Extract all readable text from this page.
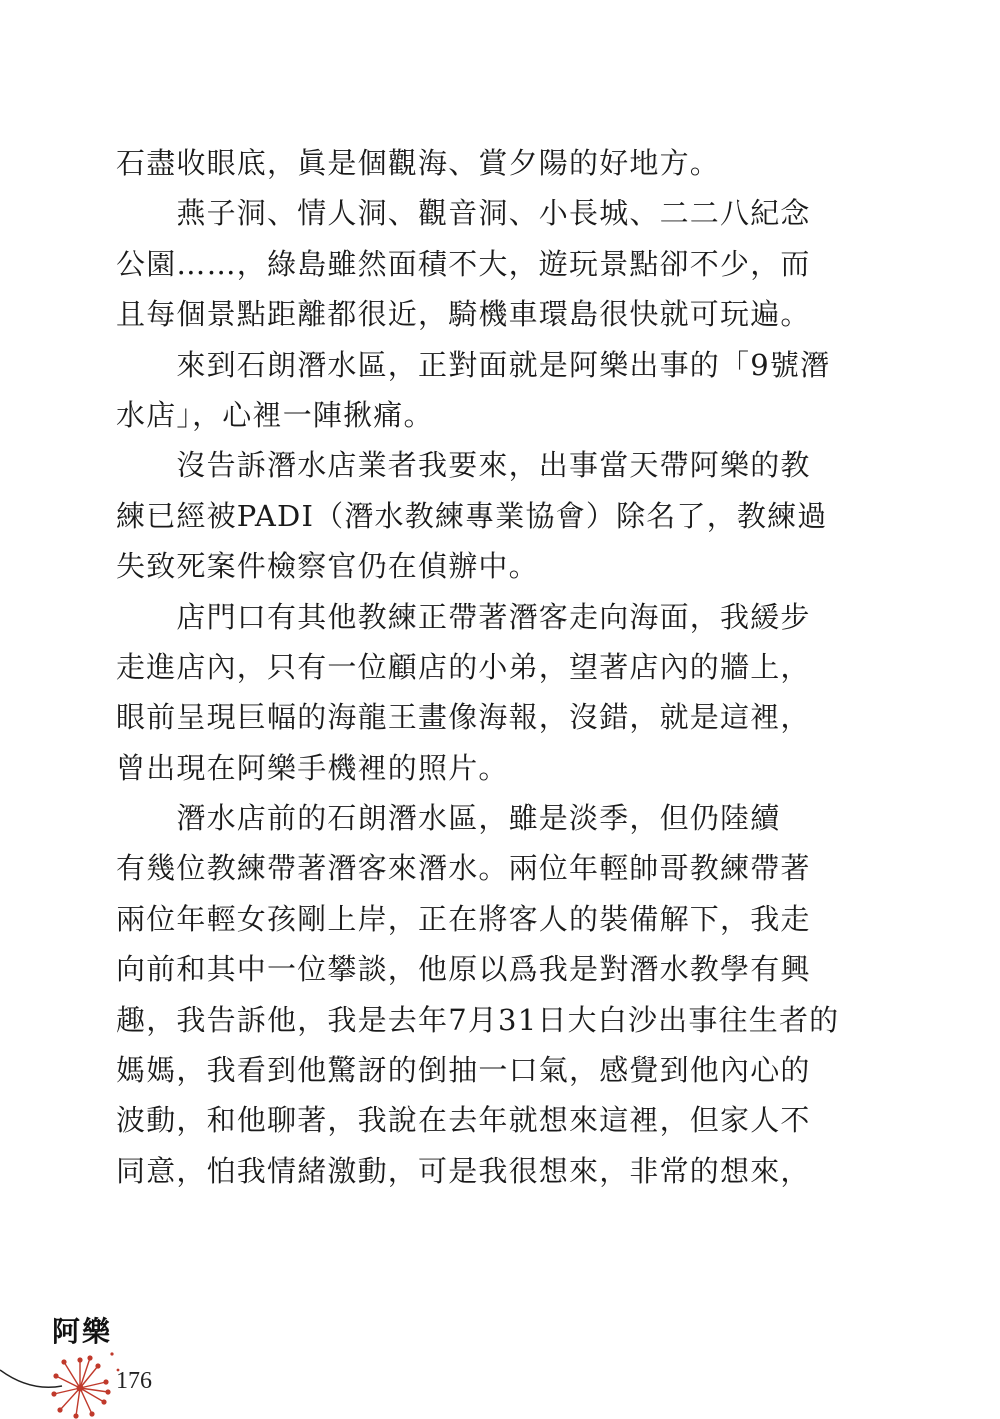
石盡收眼底，眞是個觀海、賞夕陽的好地方。
　　燕子洞、情人洞、觀音洞、小長城、二二八紀念
公園……，綠島雖然面積不大，遊玩景點卻不少，而
且每個景點距離都很近，騎機車環島很快就可玩遍。
　　來到石朗潛水區，正對面就是阿樂出事的「9號潛
水店」，心裡一陣揪痛。
　　沒告訴潛水店業者我要來，出事當天帶阿樂的教
練已經被PADI（潛水教練專業協會）除名了，教練過
失致死案件檢察官仍在偵辦中。
　　店門口有其他教練正帶著潛客走向海面，我緩步
走進店內，只有一位顧店的小弟，望著店內的牆上，
眼前呈現巨幅的海龍王畫像海報，沒錯，就是這裡，
曾出現在阿樂手機裡的照片。
　　潛水店前的石朗潛水區，雖是淡季，但仍陸續
有幾位教練帶著潛客來潛水。兩位年輕帥哥教練帶著
兩位年輕女孩剛上岸，正在將客人的裝備解下，我走
向前和其中一位攀談，他原以爲我是對潛水教學有興
趣，我告訴他，我是去年7月31日大白沙出事往生者的
媽媽，我看到他驚訝的倒抽一口氣，感覺到他內心的
波動，和他聊著，我說在去年就想來這裡，但家人不
同意，怕我情緒激動，可是我很想來，非常的想來，
阿樂
176
